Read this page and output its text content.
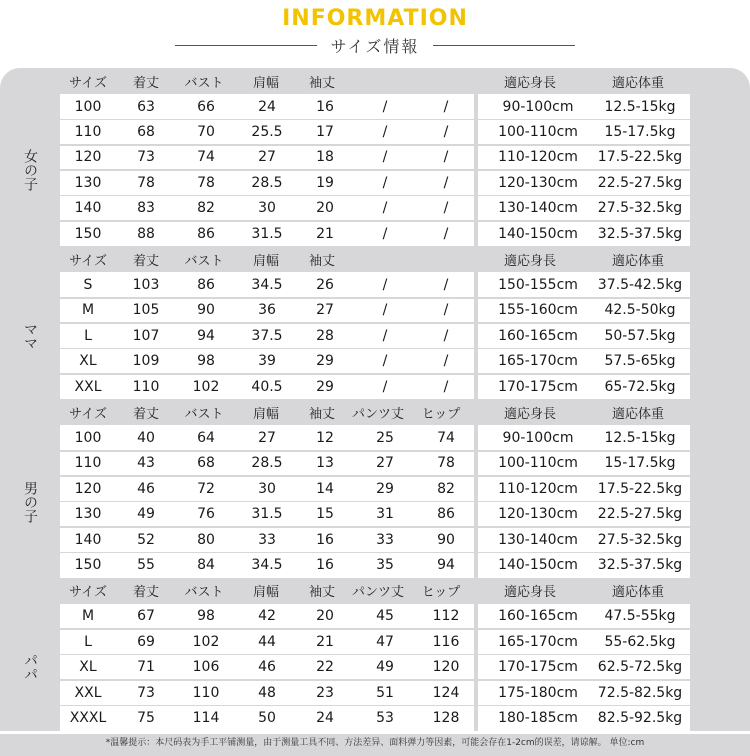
INFORMATION
サイズ情報
サイズ 着丈 バスト 肩幅 袖丈	適応身長	適応体重
女の子
100	63	66	24	16	/	/	90-100cm 12.5-15kg
110	68	70	25.5 17	/	/	100-110cm 15-17.5kg
120	73	74	27	18	/	/	110-120cm 17.5-22.5kg
130	78	78	28.5 19	/	/	120-130cm 22.5-27.5kg
140	83	82	30	20	/	/	130-140cm 27.5-32.5kg
150	88	86	31.5 21	/	/	140-150cm 32.5-37.5kg
サイズ 着丈 バスト 肩幅 袖丈	適応身長	適応体重
ママ
S	103	86	34.5 26	/	/	150-155cm 37.5-42.5kg
M	105	90	36	27	/	/	155-160cm 42.5-50kg
L	107	94	37.5 28	/	/	160-165cm 50-57.5kg
XL	109	98	39	29	/	/	165-170cm 57.5-65kg
XXL 110 102 40.5 29	/	/	170-175cm 65-72.5kg
サイズ 着丈 バスト 肩幅 袖丈 パンツ丈 ヒップ	適応身長	適応体重
男の子
100	40	64	27	12	25	74	90-100cm 12.5-15kg
110	43	68	28.5 13	27	78	100-110cm 15-17.5kg
120	46	72	30	14	29	82	110-120cm 17.5-22.5kg
130	49	76	31.5 15	31	86	120-130cm 22.5-27.5kg
140	52	80	33	16	33	90	130-140cm 27.5-32.5kg
150	55	84	34.5 16	35	94	140-150cm 32.5-37.5kg
サイズ 着丈 バスト 肩幅 袖丈 パンツ丈 ヒップ	適応身長	適応体重
パパ
M	67	98	42	20	45	112	160-165cm 47.5-55kg
L	69	102	44	21	47	116	165-170cm 55-62.5kg
XL	71	106	46	22	49	120	170-175cm 62.5-72.5kg
XXL	73	110	48	23	51	124	175-180cm 72.5-82.5kg
XXXL 75	114	50	24	53	128	180-185cm 82.5-92.5kg
*温馨提示：本尺码表为手工平铺测量，由于测量工具不同、方法差异、面料弹力等因素，可能会存在1-2cm的误差，请谅解。 单位:cm
